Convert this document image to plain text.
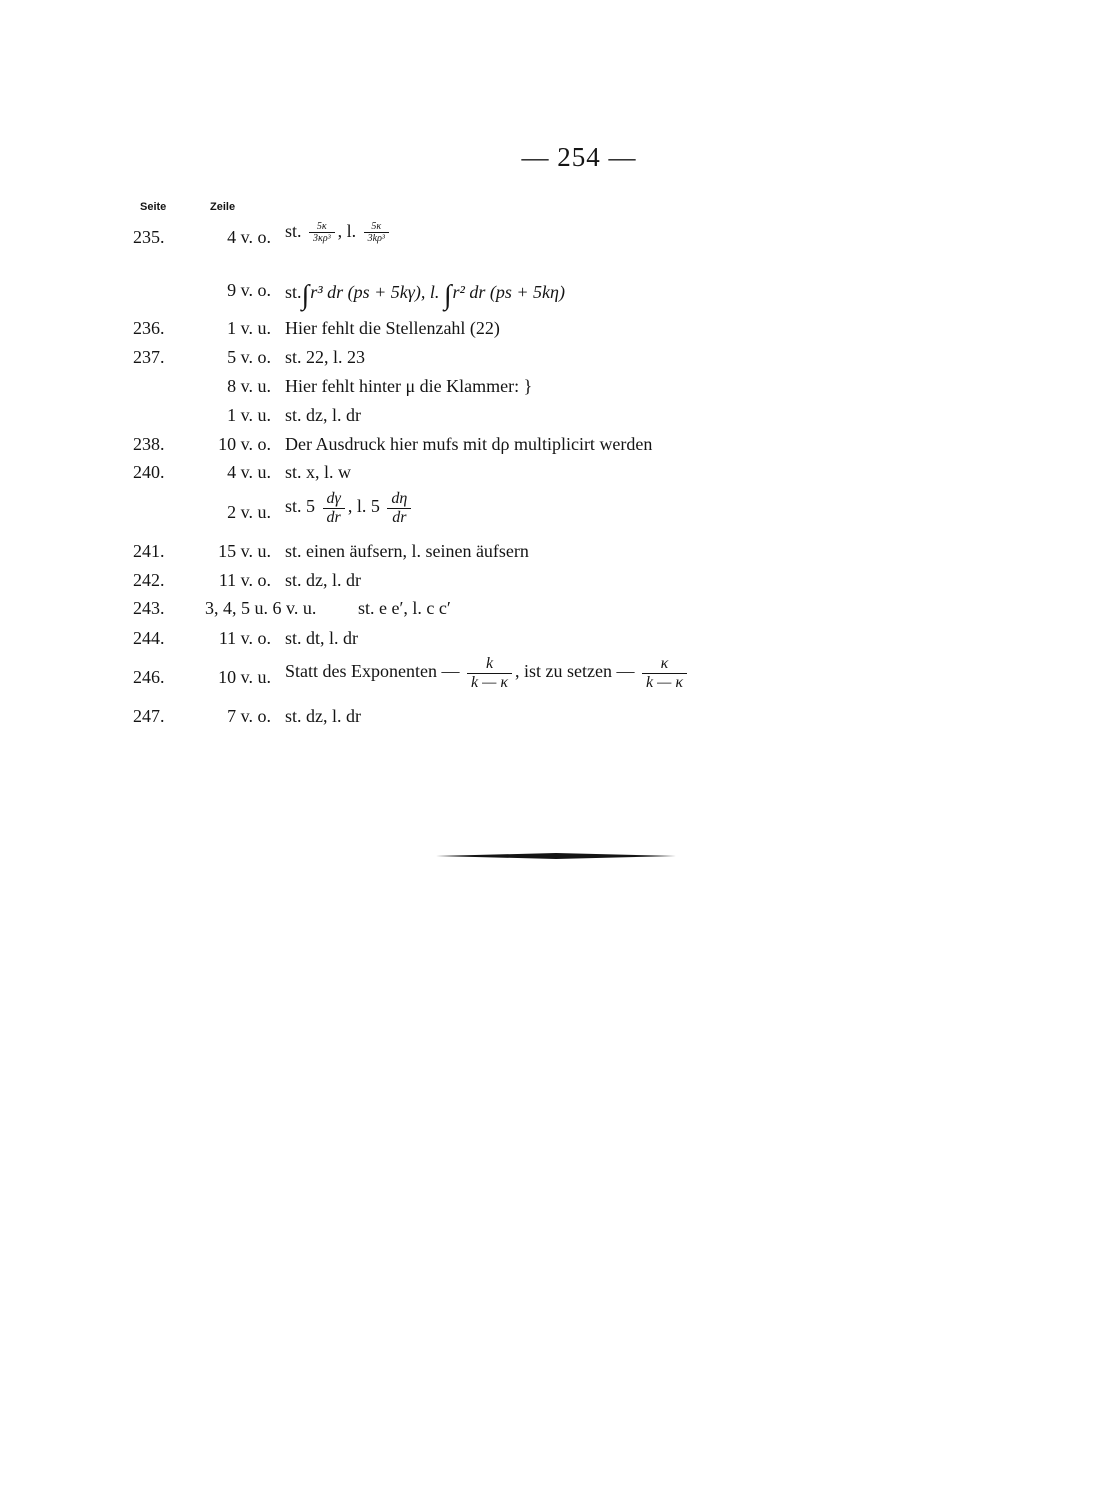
— 254 —
Seite	Zeile
235.	4 v. o. st. $\frac{5\kappa}{\text{3κρ³}}$ , l. $\frac{5\kappa}{\text{3kρ³}}$
9 v. o. st.∫r³ dr (ps + 5kγ), l. ∫r² dr (ps + 5kη)
236.	1 v. u. Hier fehlt die Stellenzahl (22)
237.	5 v. o. st. 22, l. 23
8 v. u. Hier fehlt hinter μ die Klammer: }
1 v. u. st. dz, l. dr
238.	10 v. o. Der Ausdruck hier mufs mit dρ multiplicirt werden
240.	4 v. u. st. x, l. w
2 v. u. st. $5 \frac{d\gamma}{dr}$ , l. $5 \frac{d\eta}{dr}$
241.	15 v. u. st. einen äufsern, l. seinen äufsern
242.	11 v. o. st. dz, l. dr
243. 3, 4, 5 u. 6 v. u. st. e e′, l. c c′
244.	11 v. o. st. dt, l. dr
246.	10 v. u. Statt des Exponenten — $\frac{k}{k — \kappa}$ , ist zu setzen — $\frac{\kappa}{k — \kappa}$
247.	7 v. o. st. dz, l. dr
